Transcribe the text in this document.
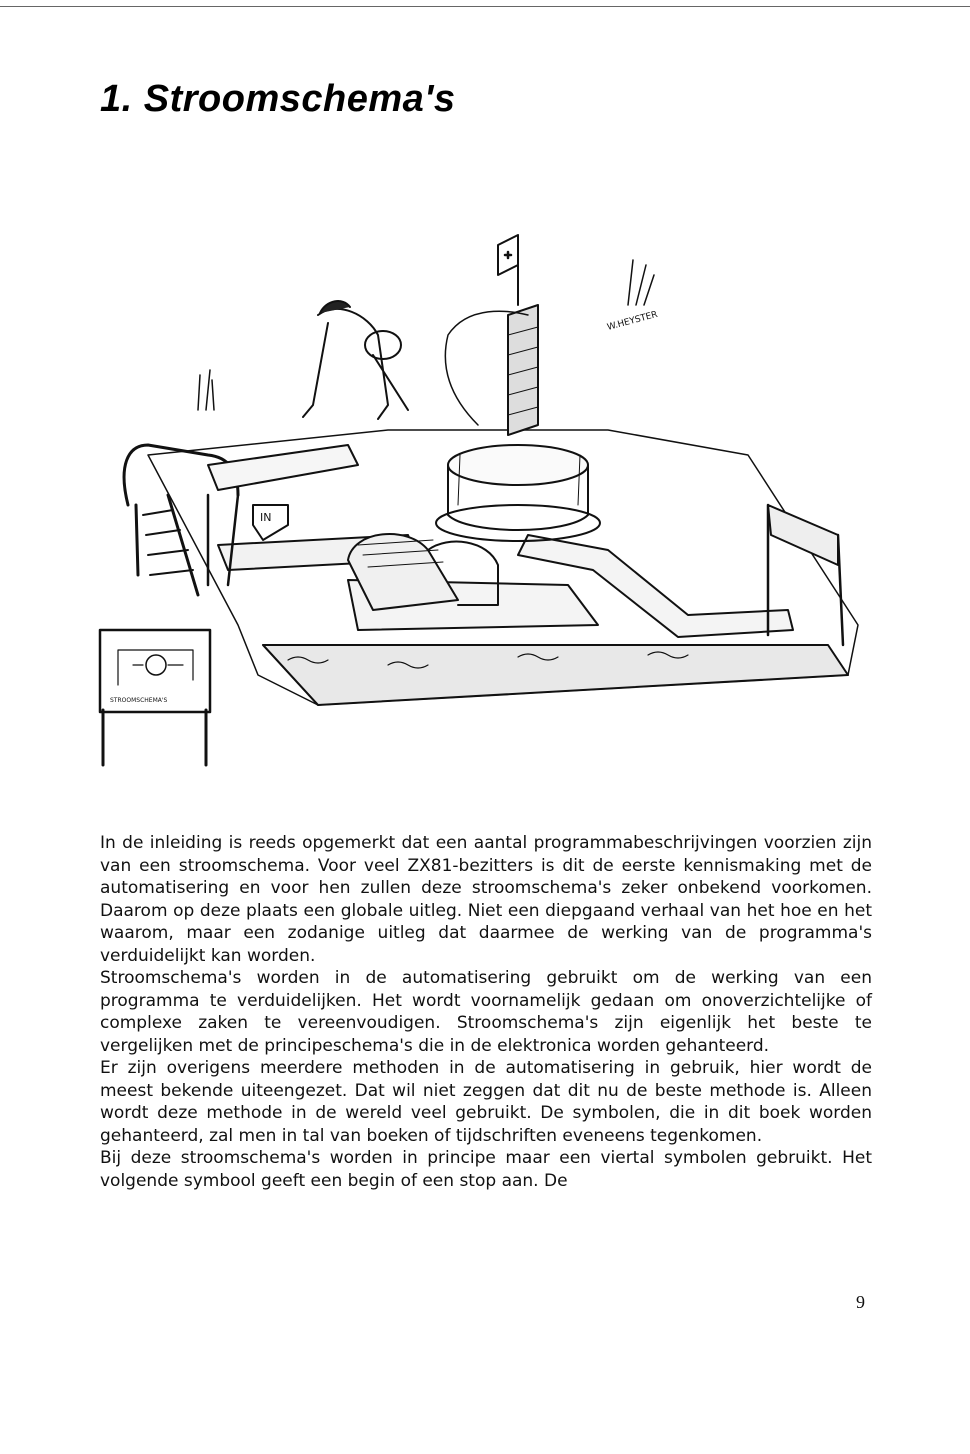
1. Stroomschema's
IN
STROOMSCHEMA'S
W.HEYSTER

In de inleiding is reeds opgemerkt dat een aantal programmabeschrijvingen voorzien zijn van een stroomschema. Voor veel ZX81-bezitters is dit de eerste kennismaking met de automatisering en voor hen zullen deze stroomschema's zeker onbekend voorkomen. Daarom op deze plaats een globale uitleg. Niet een diepgaand verhaal van het hoe en het waarom, maar een zodanige uitleg dat daarmee de werking van de programma's verduidelijkt kan worden.

Stroomschema's worden in de automatisering gebruikt om de werking van een programma te verduidelijken. Het wordt voornamelijk gedaan om onoverzichtelijke of complexe zaken te vereenvoudigen. Stroomschema's zijn eigenlijk het beste te vergelijken met de principeschema's die in de elektronica worden gehanteerd.

Er zijn overigens meerdere methoden in de automatisering in gebruik, hier wordt de meest bekende uiteengezet. Dat wil niet zeggen dat dit nu de beste methode is. Alleen wordt deze methode in de wereld veel gebruikt. De symbolen, die in dit boek worden gehanteerd, zal men in tal van boeken of tijdschriften eveneens tegenkomen.

Bij deze stroomschema's worden in principe maar een viertal symbolen gebruikt. Het volgende symbool geeft een begin of een stop aan. De

9
